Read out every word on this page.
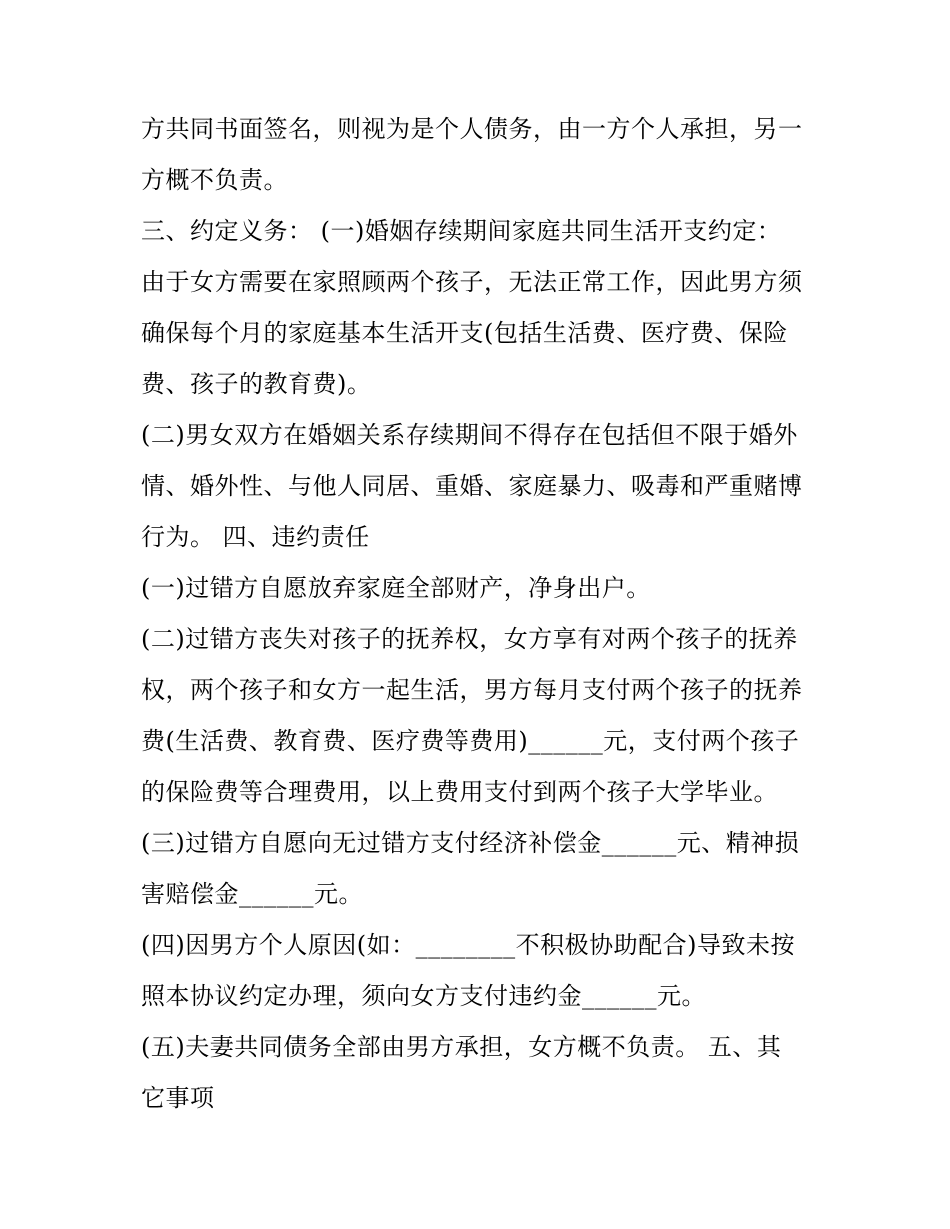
方共同书面签名，则视为是个人债务，由一方个人承担，另一
方概不负责。
三、约定义务： (一)婚姻存续期间家庭共同生活开支约定：
由于女方需要在家照顾两个孩子，无法正常工作，因此男方须
确保每个月的家庭基本生活开支(包括生活费、医疗费、保险
费、孩子的教育费)。
(二)男女双方在婚姻关系存续期间不得存在包括但不限于婚外
情、婚外性、与他人同居、重婚、家庭暴力、吸毒和严重赌博
行为。 四、违约责任
(一)过错方自愿放弃家庭全部财产，净身出户。
(二)过错方丧失对孩子的抚养权，女方享有对两个孩子的抚养
权，两个孩子和女方一起生活，男方每月支付两个孩子的抚养
费(生活费、教育费、医疗费等费用)______元，支付两个孩子
的保险费等合理费用，以上费用支付到两个孩子大学毕业。
(三)过错方自愿向无过错方支付经济补偿金______元、精神损
害赔偿金______元。
(四)因男方个人原因(如：________不积极协助配合)导致未按
照本协议约定办理，须向女方支付违约金______元。
(五)夫妻共同债务全部由男方承担，女方概不负责。 五、其
它事项
